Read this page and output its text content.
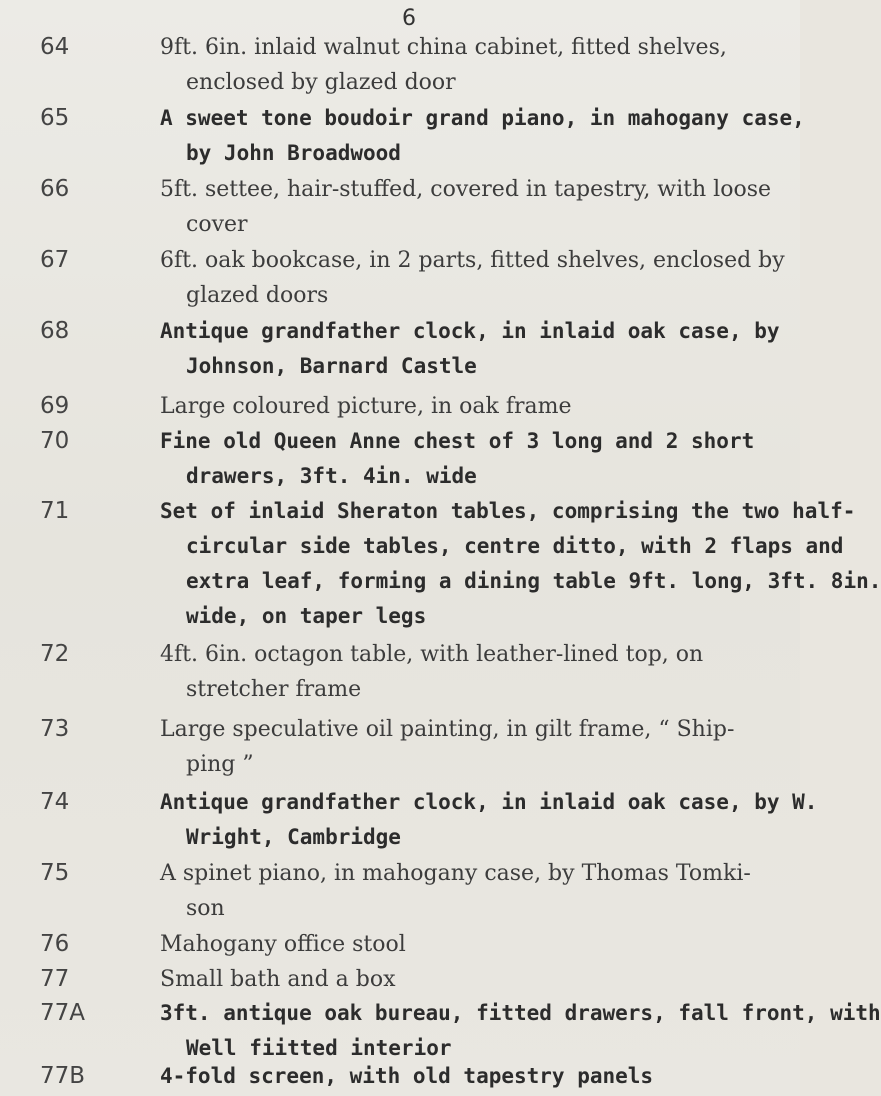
6
64	9ft. 6in. inlaid walnut china cabinet, fitted shelves,
enclosed by glazed door
65	A sweet tone boudoir grand piano, in mahogany case,
by John Broadwood
66	5ft. settee, hair-stuffed, covered in tapestry, with loose
cover
67	6ft. oak bookcase, in 2 parts, fitted shelves, enclosed by
glazed doors
68	Antique grandfather clock, in inlaid oak case, by
Johnson, Barnard Castle
69	Large coloured picture, in oak frame
70	Fine old Queen Anne chest of 3 long and 2 short
drawers, 3ft. 4in. wide
71	Set of inlaid Sheraton tables, comprising the two half-
circular side tables, centre ditto, with 2 flaps and
extra leaf, forming a dining table 9ft. long, 3ft. 8in.
wide, on taper legs
72	4ft. 6in. octagon table, with leather-lined top, on
stretcher frame
73	Large speculative oil painting, in gilt frame, “ Ship-
ping ”
74	Antique grandfather clock, in inlaid oak case, by W.
Wright, Cambridge
75	A spinet piano, in mahogany case, by Thomas Tomki-
son
76	Mahogany office stool
77	Small bath and a box
77A	3ft. antique oak bureau, fitted drawers, fall front, with
Well fiitted interior
77B	4-fold screen, with old tapestry panels
